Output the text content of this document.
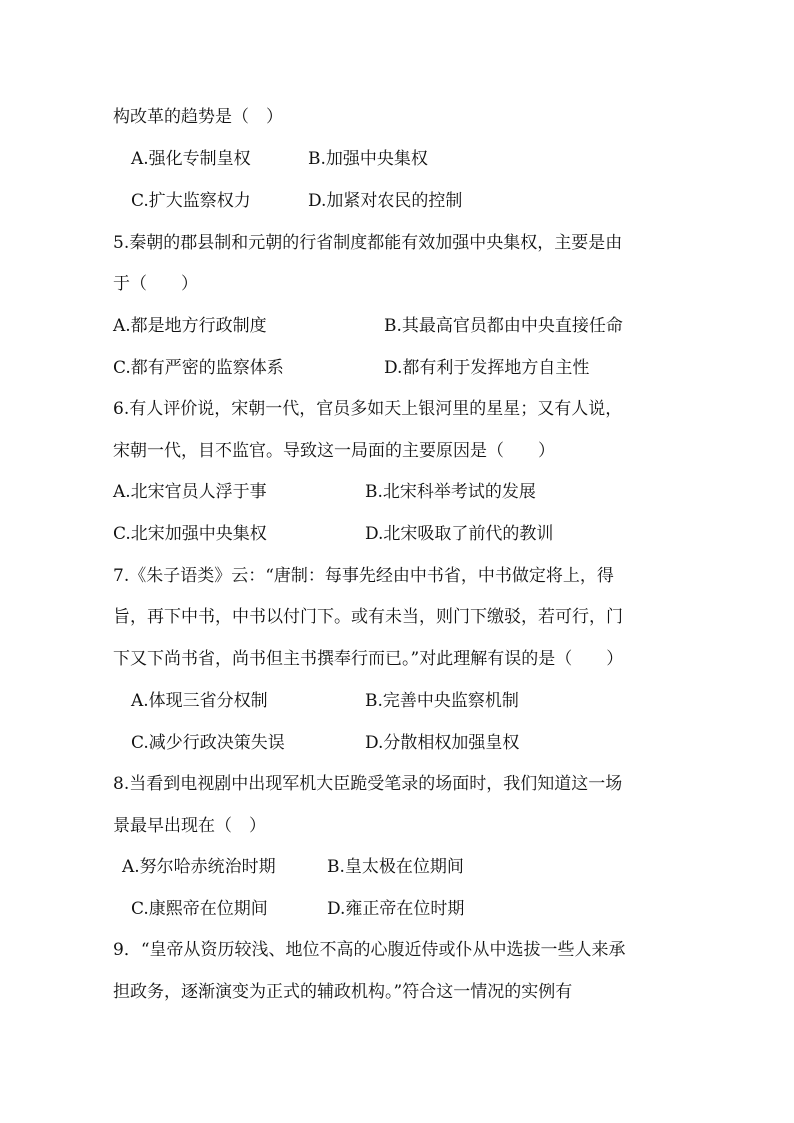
构改革的趋势是（　）
A.强化专制皇权	B.加强中央集权
C.扩大监察权力	D.加紧对农民的控制
5.秦朝的郡县制和元朝的行省制度都能有效加强中央集权，主要是由
于（　　）
A.都是地方行政制度	B.其最高官员都由中央直接任命
C.都有严密的监察体系	D.都有利于发挥地方自主性
6.有人评价说，宋朝一代，官员多如天上银河里的星星；又有人说，
宋朝一代，目不监官。导致这一局面的主要原因是（　　）
A.北宋官员人浮于事	B.北宋科举考试的发展
C.北宋加强中央集权	D.北宋吸取了前代的教训
7.《朱子语类》云：“唐制：每事先经由中书省，中书做定将上，得
旨，再下中书，中书以付门下。或有未当，则门下缴驳，若可行，门
下又下尚书省，尚书但主书撰奉行而已。”对此理解有误的是（　　）
A.体现三省分权制	B.完善中央监察机制
C.减少行政决策失误	D.分散相权加强皇权
8.当看到电视剧中出现军机大臣跪受笔录的场面时，我们知道这一场
景最早出现在（　）
A.努尔哈赤统治时期	B.皇太极在位期间
C.康熙帝在位期间	D.雍正帝在位时期
9．“皇帝从资历较浅、地位不高的心腹近侍或仆从中选拔一些人来承
担政务，逐渐演变为正式的辅政机构。”符合这一情况的实例有
